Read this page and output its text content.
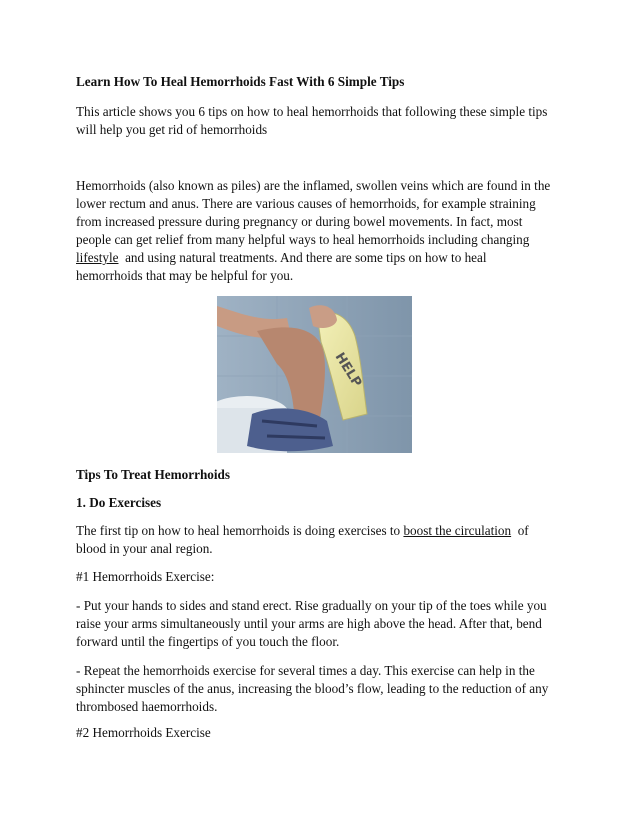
Learn How To Heal Hemorrhoids Fast With 6 Simple Tips
This article shows you 6 tips on how to heal hemorrhoids that following these simple tips
will help you get rid of hemorrhoids
Hemorrhoids (also known as piles) are the inflamed, swollen veins which are found in the
lower rectum and anus. There are various causes of hemorrhoids, for example straining
from increased pressure during pregnancy or during bowel movements. In fact, most
people can get relief from many helpful ways to heal hemorrhoids including changing
lifestyle  and using natural treatments. And there are some tips on how to heal
hemorrhoids that may be helpful for you.
HELP
Tips To Treat Hemorrhoids
1. Do Exercises
The first tip on how to heal hemorrhoids is doing exercises to boost the circulation  of
blood in your anal region.
#1 Hemorrhoids Exercise:
- Put your hands to sides and stand erect. Rise gradually on your tip of the toes while you
raise your arms simultaneously until your arms are high above the head. After that, bend
forward until the fingertips of you touch the floor.
- Repeat the hemorrhoids exercise for several times a day. This exercise can help in the
sphincter muscles of the anus, increasing the blood’s flow, leading to the reduction of any
thrombosed haemorrhoids.
#2 Hemorrhoids Exercise
